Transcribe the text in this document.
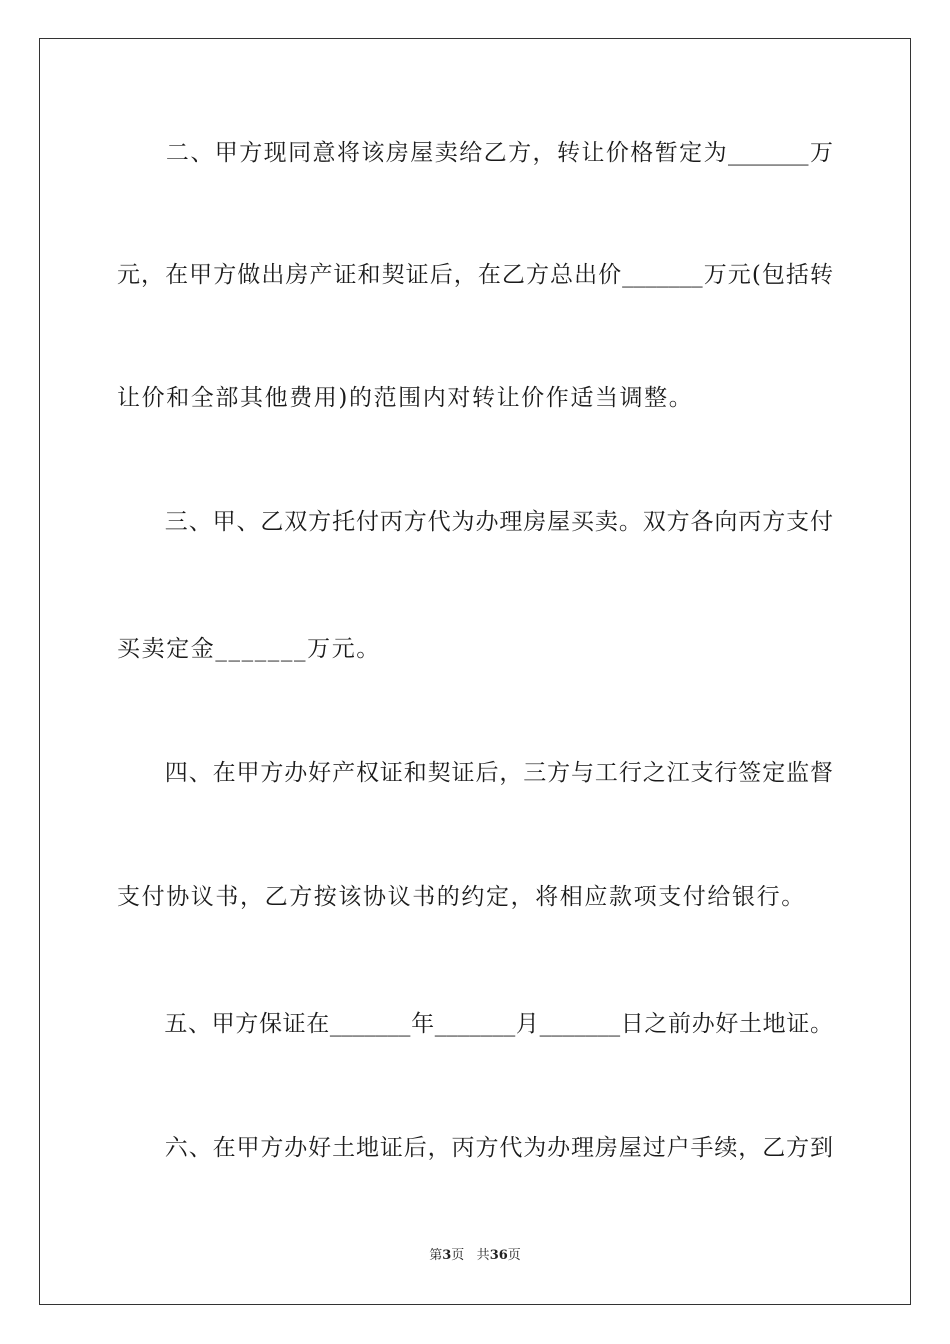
　　二、甲方现同意将该房屋卖给乙方，转让价格暂定为_______万
元，在甲方做出房产证和契证后，在乙方总出价_______万元(包括转
让价和全部其他费用)的范围内对转让价作适当调整。
　　三、甲、乙双方托付丙方代为办理房屋买卖。双方各向丙方支付
买卖定金_______万元。
　　四、在甲方办好产权证和契证后，三方与工行之江支行签定监督
支付协议书，乙方按该协议书的约定，将相应款项支付给银行。
　　五、甲方保证在_______年_______月_______日之前办好土地证。
　　六、在甲方办好土地证后，丙方代为办理房屋过户手续，乙方到
第3页 共36页
